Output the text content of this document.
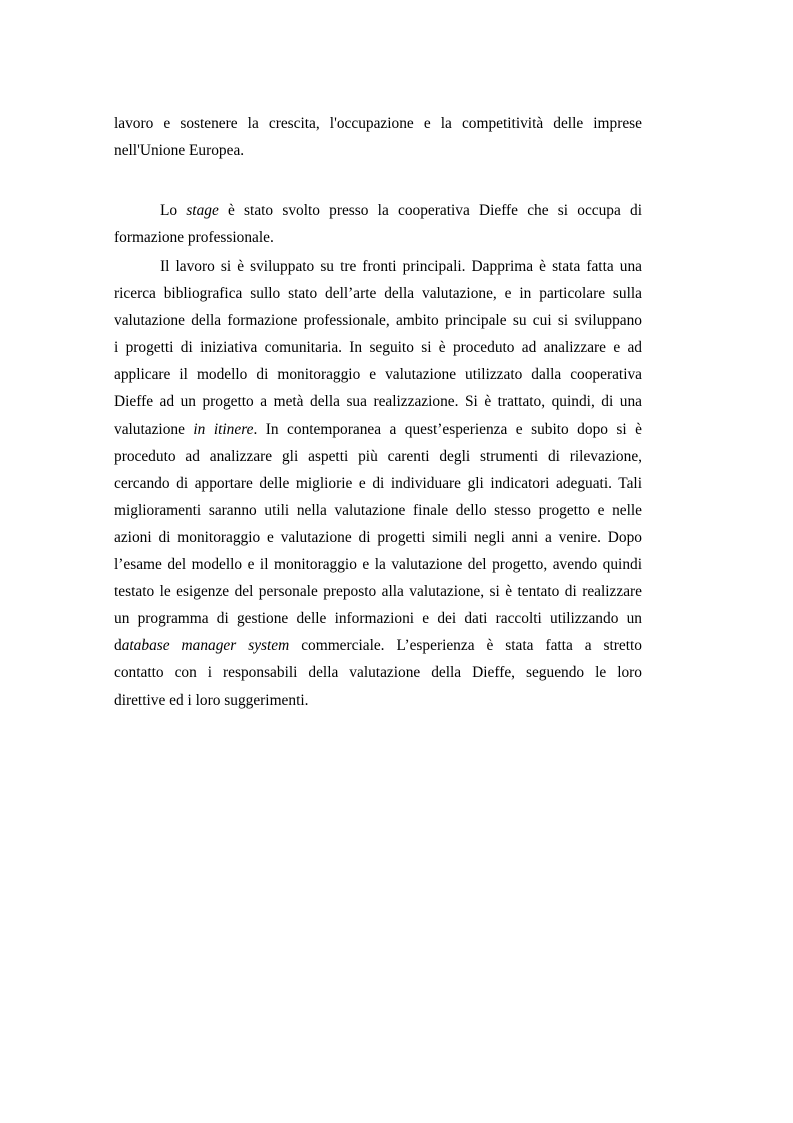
lavoro e sostenere la crescita, l'occupazione e la competitività delle imprese
nell'Unione Europea.
Lo stage è stato svolto presso la cooperativa Dieffe che si occupa di
formazione professionale.
Il lavoro si è sviluppato su tre fronti principali. Dapprima è stata fatta una
ricerca bibliografica sullo stato dell’arte della valutazione, e in particolare sulla
valutazione della formazione professionale, ambito principale su cui si sviluppano
i progetti di iniziativa comunitaria. In seguito si è proceduto ad analizzare e ad
applicare il modello di monitoraggio e valutazione utilizzato dalla cooperativa
Dieffe ad un progetto a metà della sua realizzazione. Si è trattato, quindi, di una
valutazione in itinere. In contemporanea a quest’esperienza e subito dopo si è
proceduto ad analizzare gli aspetti più carenti degli strumenti di rilevazione,
cercando di apportare delle migliorie e di individuare gli indicatori adeguati. Tali
miglioramenti saranno utili nella valutazione finale dello stesso progetto e nelle
azioni di monitoraggio e valutazione di progetti simili negli anni a venire. Dopo
l’esame del modello e il monitoraggio e la valutazione del progetto, avendo quindi
testato le esigenze del personale preposto alla valutazione, si è tentato di realizzare
un programma di gestione delle informazioni e dei dati raccolti utilizzando un
database manager system commerciale. L’esperienza è stata fatta a stretto
contatto con i responsabili della valutazione della Dieffe, seguendo le loro
direttive ed i loro suggerimenti.
